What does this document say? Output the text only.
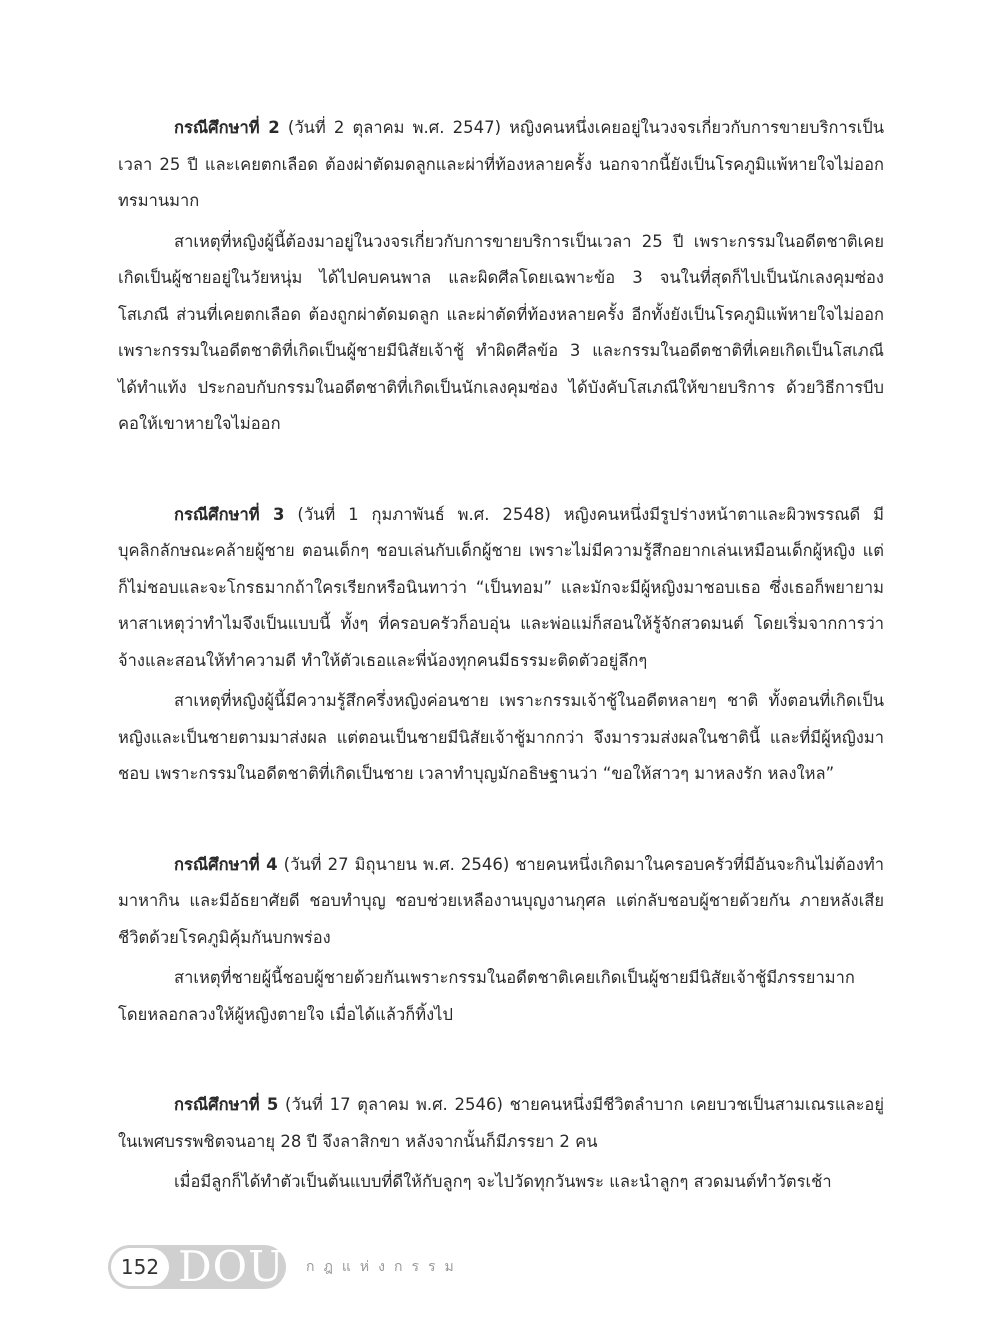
กรณีศึกษาที่ 2 (วันที่ 2 ตุลาคม พ.ศ. 2547) หญิงคนหนึ่งเคยอยู่ในวงจรเกี่ยวกับการขายบริการเป็นเวลา 25 ปี และเคยตกเลือด ต้องผ่าตัดมดลูกและผ่าที่ท้องหลายครั้ง นอกจากนี้ยังเป็นโรคภูมิแพ้หายใจไม่ออก ทรมานมาก

สาเหตุที่หญิงผู้นี้ต้องมาอยู่ในวงจรเกี่ยวกับการขายบริการเป็นเวลา 25 ปี เพราะกรรมในอดีตชาติเคยเกิดเป็นผู้ชายอยู่ในวัยหนุ่ม ได้ไปคบคนพาล และผิดศีลโดยเฉพาะข้อ 3 จนในที่สุดก็ไปเป็นนักเลงคุมซ่องโสเภณี ส่วนที่เคยตกเลือด ต้องถูกผ่าตัดมดลูก และผ่าตัดที่ท้องหลายครั้ง อีกทั้งยังเป็นโรคภูมิแพ้หายใจไม่ออก เพราะกรรมในอดีตชาติที่เกิดเป็นผู้ชายมีนิสัยเจ้าชู้ ทำผิดศีลข้อ 3 และกรรมในอดีตชาติที่เคยเกิดเป็นโสเภณี ได้ทำแท้ง ประกอบกับกรรมในอดีตชาติที่เกิดเป็นนักเลงคุมซ่อง ได้บังคับโสเภณีให้ขายบริการ ด้วยวิธีการบีบคอให้เขาหายใจไม่ออก

กรณีศึกษาที่ 3 (วันที่ 1 กุมภาพันธ์ พ.ศ. 2548) หญิงคนหนึ่งมีรูปร่างหน้าตาและผิวพรรณดี มีบุคลิกลักษณะคล้ายผู้ชาย ตอนเด็กๆ ชอบเล่นกับเด็กผู้ชาย เพราะไม่มีความรู้สึกอยากเล่นเหมือนเด็กผู้หญิง แต่ก็ไม่ชอบและจะโกรธมากถ้าใครเรียกหรือนินทาว่า “เป็นทอม” และมักจะมีผู้หญิงมาชอบเธอ ซึ่งเธอก็พยายามหาสาเหตุว่าทำไมจึงเป็นแบบนี้ ทั้งๆ ที่ครอบครัวก็อบอุ่น และพ่อแม่ก็สอนให้รู้จักสวดมนต์ โดยเริ่มจากการว่าจ้างและสอนให้ทำความดี ทำให้ตัวเธอและพี่น้องทุกคนมีธรรมะติดตัวอยู่ลึกๆ

สาเหตุที่หญิงผู้นี้มีความรู้สึกครึ่งหญิงค่อนชาย เพราะกรรมเจ้าชู้ในอดีตหลายๆ ชาติ ทั้งตอนที่เกิดเป็นหญิงและเป็นชายตามมาส่งผล แต่ตอนเป็นชายมีนิสัยเจ้าชู้มากกว่า จึงมารวมส่งผลในชาตินี้ และที่มีผู้หญิงมาชอบ เพราะกรรมในอดีตชาติที่เกิดเป็นชาย เวลาทำบุญมักอธิษฐานว่า “ขอให้สาวๆ มาหลงรัก หลงใหล”

กรณีศึกษาที่ 4 (วันที่ 27 มิถุนายน พ.ศ. 2546) ชายคนหนึ่งเกิดมาในครอบครัวที่มีอันจะกินไม่ต้องทำมาหากิน และมีอัธยาศัยดี ชอบทำบุญ ชอบช่วยเหลืองานบุญงานกุศล แต่กลับชอบผู้ชายด้วยกัน ภายหลังเสียชีวิตด้วยโรคภูมิคุ้มกันบกพร่อง

สาเหตุที่ชายผู้นี้ชอบผู้ชายด้วยกันเพราะกรรมในอดีตชาติเคยเกิดเป็นผู้ชายมีนิสัยเจ้าชู้มีภรรยามาก โดยหลอกลวงให้ผู้หญิงตายใจ เมื่อได้แล้วก็ทิ้งไป

กรณีศึกษาที่ 5 (วันที่ 17 ตุลาคม พ.ศ. 2546) ชายคนหนึ่งมีชีวิตลำบาก เคยบวชเป็นสามเณรและอยู่ในเพศบรรพชิตจนอายุ 28 ปี จึงลาสิกขา หลังจากนั้นก็มีภรรยา 2 คน

เมื่อมีลูกก็ได้ทำตัวเป็นต้นแบบที่ดีให้กับลูกๆ จะไปวัดทุกวันพระ และนำลูกๆ สวดมนต์ทำวัตรเช้า

152 DOU กฎแห่งกรรม
